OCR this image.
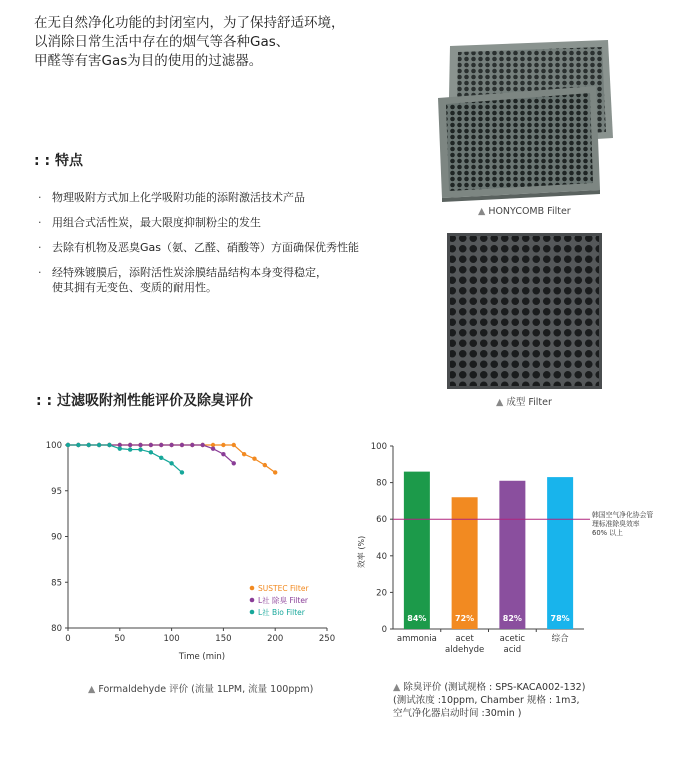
在无自然净化功能的封闭室内，为了保持舒适环境，
以消除日常生活中存在的烟气等各种Gas、
甲醛等有害Gas为目的使用的过滤器。
: : 特点
· 物理吸附方式加上化学吸附功能的添附激活技术产品
· 用组合式活性炭，最大限度抑制粉尘的发生
· 去除有机物及恶臭Gas（氨、乙醛、硝酸等）方面确保优秀性能
· 经特殊镀膜后，添附活性炭涂膜结晶结构本身变得稳定，
使其拥有无变色、变质的耐用性。
▲ HONYCOMB Filter
▲ 成型 Filter
: : 过滤吸附剂性能评价及除臭评价
80
85
90
95
100
0	50	100	150	200	250
SUSTEC Filter
L社 除臭 Filter
L社 Bio Filter
Time (min)
▲ Formaldehyde 评价 (流量 1LPM, 流量 100ppm)
0
20
40
60
80
100
84%
ammonia
72%
acet
aldehyde
82%
acetic
acid
78%
综合
韩国空气净化协会管
理标准除臭效率
60% 以上
效率 (%)
▲ 除臭评价 (测试规格 : SPS-KACA002-132)
(测试浓度 :10ppm, Chamber 规格 : 1m3,
空气净化器启动时间 :30min )
